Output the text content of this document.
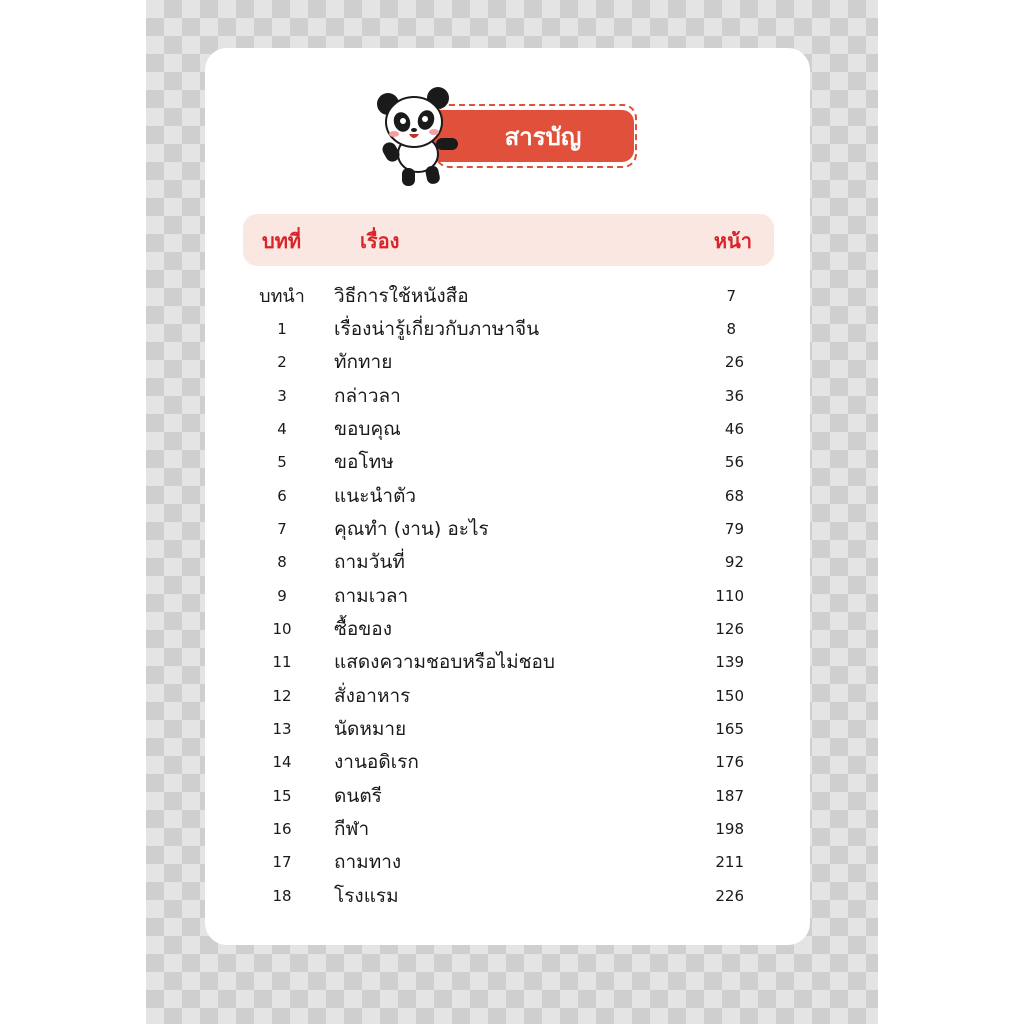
สารบัญ
บทที่	เรื่อง	หน้า
บทนำ	วิธีการใช้หนังสือ	7
1	เรื่องน่ารู้เกี่ยวกับภาษาจีน	8
2	ทักทาย	26
3	กล่าวลา	36
4	ขอบคุณ	46
5	ขอโทษ	56
6	แนะนำตัว	68
7	คุณทำ (งาน) อะไร	79
8	ถามวันที่	92
9	ถามเวลา	110
10	ซื้อของ	126
11	แสดงความชอบหรือไม่ชอบ	139
12	สั่งอาหาร	150
13	นัดหมาย	165
14	งานอดิเรก	176
15	ดนตรี	187
16	กีฬา	198
17	ถามทาง	211
18	โรงแรม	226
